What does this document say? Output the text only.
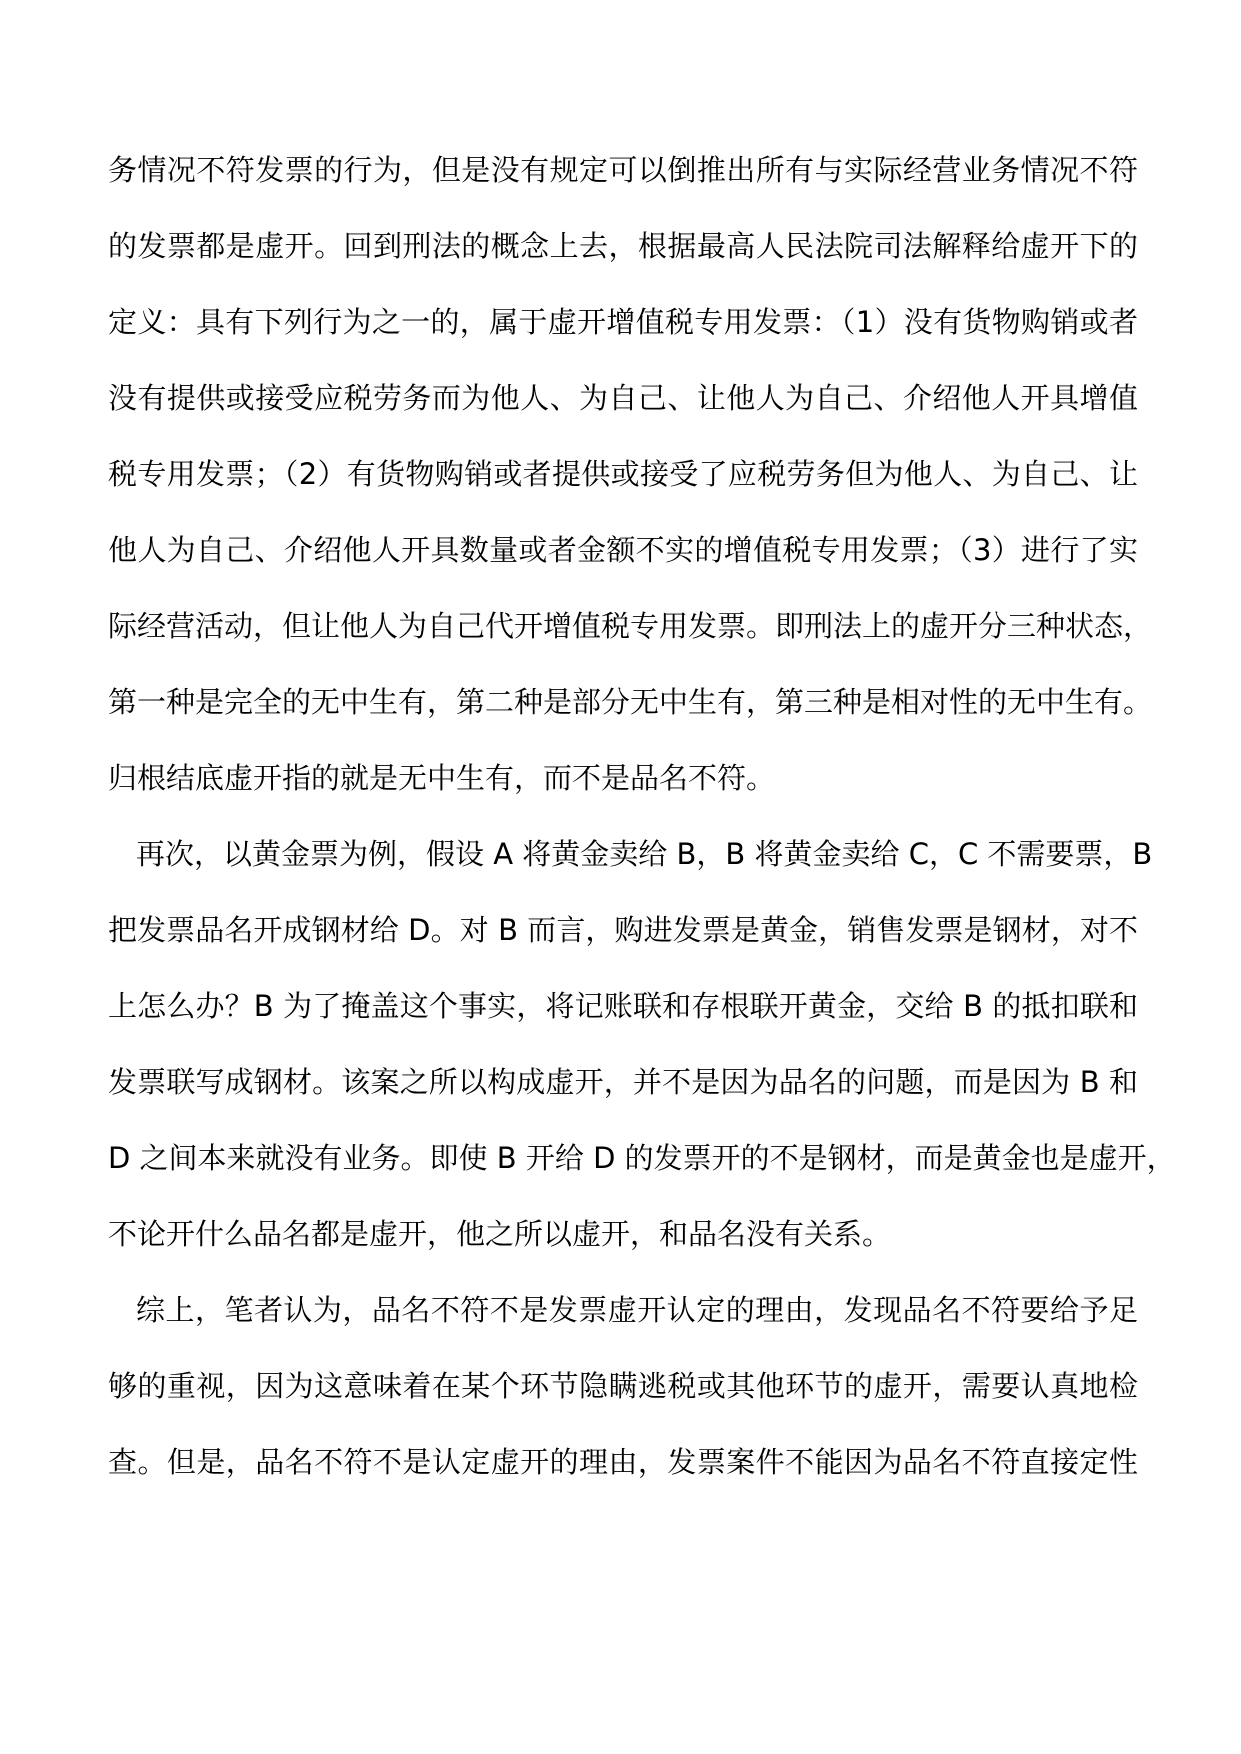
务情况不符发票的行为，但是没有规定可以倒推出所有与实际经营业务情况不符
的发票都是虚开。回到刑法的概念上去，根据最高人民法院司法解释给虚开下的
定义：具有下列行为之一的，属于虚开增值税专用发票：（1）没有货物购销或者
没有提供或接受应税劳务而为他人、为自己、让他人为自己、介绍他人开具增值
税专用发票；（2）有货物购销或者提供或接受了应税劳务但为他人、为自己、让
他人为自己、介绍他人开具数量或者金额不实的增值税专用发票；（3）进行了实
际经营活动，但让他人为自己代开增值税专用发票。即刑法上的虚开分三种状态，
第一种是完全的无中生有，第二种是部分无中生有，第三种是相对性的无中生有。
归根结底虚开指的就是无中生有，而不是品名不符。
再次，以黄金票为例，假设 A 将黄金卖给 B，B 将黄金卖给 C，C 不需要票，B
把发票品名开成钢材给 D。对 B 而言，购进发票是黄金，销售发票是钢材，对不
上怎么办？B 为了掩盖这个事实，将记账联和存根联开黄金，交给 B 的抵扣联和
发票联写成钢材。该案之所以构成虚开，并不是因为品名的问题，而是因为 B 和
D 之间本来就没有业务。即使 B 开给 D 的发票开的不是钢材，而是黄金也是虚开，
不论开什么品名都是虚开，他之所以虚开，和品名没有关系。
综上，笔者认为，品名不符不是发票虚开认定的理由，发现品名不符要给予足
够的重视，因为这意味着在某个环节隐瞒逃税或其他环节的虚开，需要认真地检
查。但是，品名不符不是认定虚开的理由，发票案件不能因为品名不符直接定性
